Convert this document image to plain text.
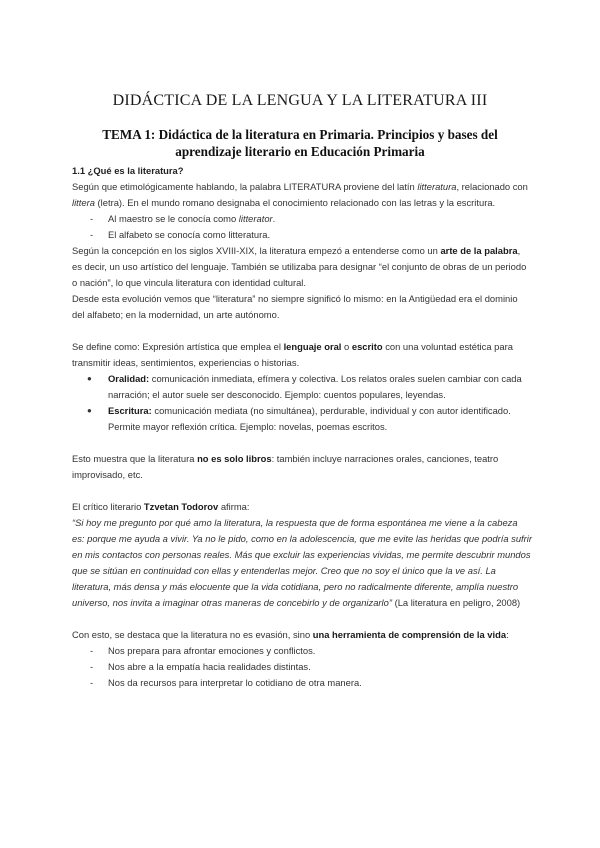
DIDÁCTICA DE LA LENGUA Y LA LITERATURA III
TEMA 1: Didáctica de la literatura en Primaria. Principios y bases del aprendizaje literario en Educación Primaria

1.1 ¿Qué es la literatura?

Según que etimológicamente hablando, la palabra LITERATURA proviene del latín litteratura, relacionado con littera (letra). En el mundo romano designaba el conocimiento relacionado con las letras y la escritura.

- Al maestro se le conocía como litterator.
- El alfabeto se conocía como litteratura.

Según la concepción en los siglos XVIII-XIX, la literatura empezó a entenderse como un arte de la palabra, es decir, un uso artístico del lenguaje. También se utilizaba para designar “el conjunto de obras de un periodo o nación”, lo que vincula literatura con identidad cultural.

Desde esta evolución vemos que “literatura” no siempre significó lo mismo: en la Antigüedad era el dominio del alfabeto; en la modernidad, un arte autónomo.

Se define como: Expresión artística que emplea el lenguaje oral o escrito con una voluntad estética para transmitir ideas, sentimientos, experiencias o historias.

● Oralidad: comunicación inmediata, efímera y colectiva. Los relatos orales suelen cambiar con cada narración; el autor suele ser desconocido. Ejemplo: cuentos populares, leyendas.
● Escritura: comunicación mediata (no simultánea), perdurable, individual y con autor identificado. Permite mayor reflexión crítica. Ejemplo: novelas, poemas escritos.

Esto muestra que la literatura no es solo libros: también incluye narraciones orales, canciones, teatro improvisado, etc.

El crítico literario Tzvetan Todorov afirma:

“Si hoy me pregunto por qué amo la literatura, la respuesta que de forma espontánea me viene a la cabeza es: porque me ayuda a vivir. Ya no le pido, como en la adolescencia, que me evite las heridas que podría sufrir en mis contactos con personas reales. Más que excluir las experiencias vividas, me permite descubrir mundos que se sitúan en continuidad con ellas y entenderlas mejor. Creo que no soy el único que la ve así. La literatura, más densa y más elocuente que la vida cotidiana, pero no radicalmente diferente, amplía nuestro universo, nos invita a imaginar otras maneras de concebirlo y de organizarlo” (La literatura en peligro, 2008)

Con esto, se destaca que la literatura no es evasión, sino una herramienta de comprensión de la vida:

- Nos prepara para afrontar emociones y conflictos.
- Nos abre a la empatía hacia realidades distintas.
- Nos da recursos para interpretar lo cotidiano de otra manera.
